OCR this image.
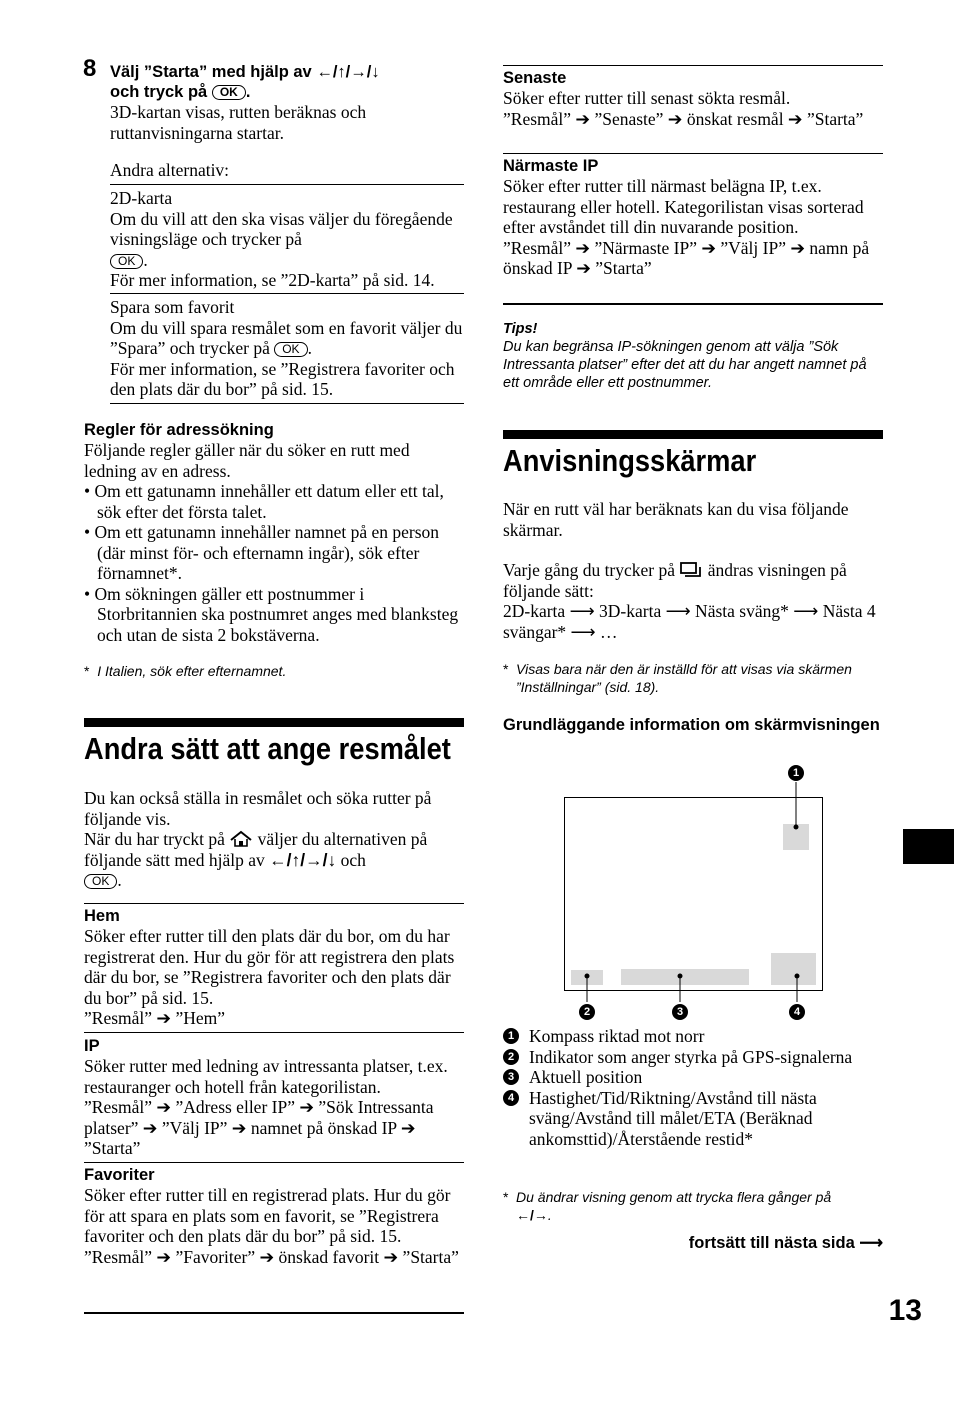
8 Välj ”Starta” med hjälp av ←/↑/→/↓
och tryck på OK .

3D-kartan visas, rutten beräknas och ruttanvisningarna startar.

Andra alternativ:

2D-karta

Om du vill att den ska visas väljer du föregående visningsläge och trycker på
OK .

För mer information, se ”2D-karta” på sid. 14.

Spara som favorit

Om du vill spara resmålet som en favorit väljer du ”Spara” och trycker på OK .

För mer information, se ”Registrera favoriter och den plats där du bor” på sid. 15.

Regler för adressökning

Följande regler gäller när du söker en rutt med ledning av en adress.

• Om ett gatunamn innehåller ett datum eller ett tal, sök efter det första talet.
• Om ett gatunamn innehåller namnet på en person (där minst för- och efternamn ingår), sök efter förnamnet*.
• Om sökningen gäller ett postnummer i Storbritannien ska postnumret anges med blanksteg och utan de sista 2 bokstäverna.
* I Italien, sök efter efternamnet.

Andra sätt att ange resmålet

Du kan också ställa in resmålet och söka rutter på följande vis.

När du har tryckt på väljer du alternativen på följande sätt med hjälp av ←/↑/→/↓ och
OK .

Hem

Söker efter rutter till den plats där du bor, om du har registrerat den. Hur du gör för att registrera den plats där du bor, se ”Registrera favoriter och den plats där du bor” på sid. 15.

”Resmål” ➔ ”Hem”

IP

Söker rutter med ledning av intressanta platser, t.ex. restauranger och hotell från kategorilistan.

”Resmål” ➔ ”Adress eller IP” ➔ ”Sök Intressanta platser” ➔ ”Välj IP” ➔ namnet på önskad IP ➔ ”Starta”

Favoriter

Söker efter rutter till en registrerad plats. Hur du gör för att spara en plats som en favorit, se ”Registrera favoriter och den plats där du bor” på sid. 15.

”Resmål” ➔ ”Favoriter” ➔ önskad favorit ➔ ”Starta”

Senaste

Söker efter rutter till senast sökta resmål.

”Resmål” ➔ ”Senaste” ➔ önskat resmål ➔ ”Starta”

Närmaste IP

Söker efter rutter till närmast belägna IP, t.ex. restaurang eller hotell. Kategorilistan visas sorterad efter avståndet till din nuvarande position.

”Resmål” ➔ ”Närmaste IP” ➔ ”Välj IP” ➔ namn på önskad IP ➔ ”Starta”

Tips!

Du kan begränsa IP-sökningen genom att välja ”Sök Intressanta platser” efter det att du har angett namnet på ett område eller ett postnummer.

Anvisningsskärmar

När en rutt väl har beräknats kan du visa följande skärmar.

Varje gång du trycker på ändras visningen på följande sätt:

2D-karta ⟶ 3D-karta ⟶ Nästa sväng* ⟶ Nästa 4 svängar* ⟶ …

* Visas bara när den är inställd för att visas via skärmen ”Inställningar” (sid. 18).

Grundläggande information om skärmvisningen

1
2	3	4
1 Kompass riktad mot norr
2 Indikator som anger styrka på GPS-signalerna
3 Aktuell position
4 Hastighet/Tid/Riktning/Avstånd till nästa sväng/Avstånd till målet/ETA (Beräknad ankomsttid)/Återstående restid*
* Du ändrar visning genom att trycka flera gånger på
←/→.

fortsätt till nästa sida ⟶

13
